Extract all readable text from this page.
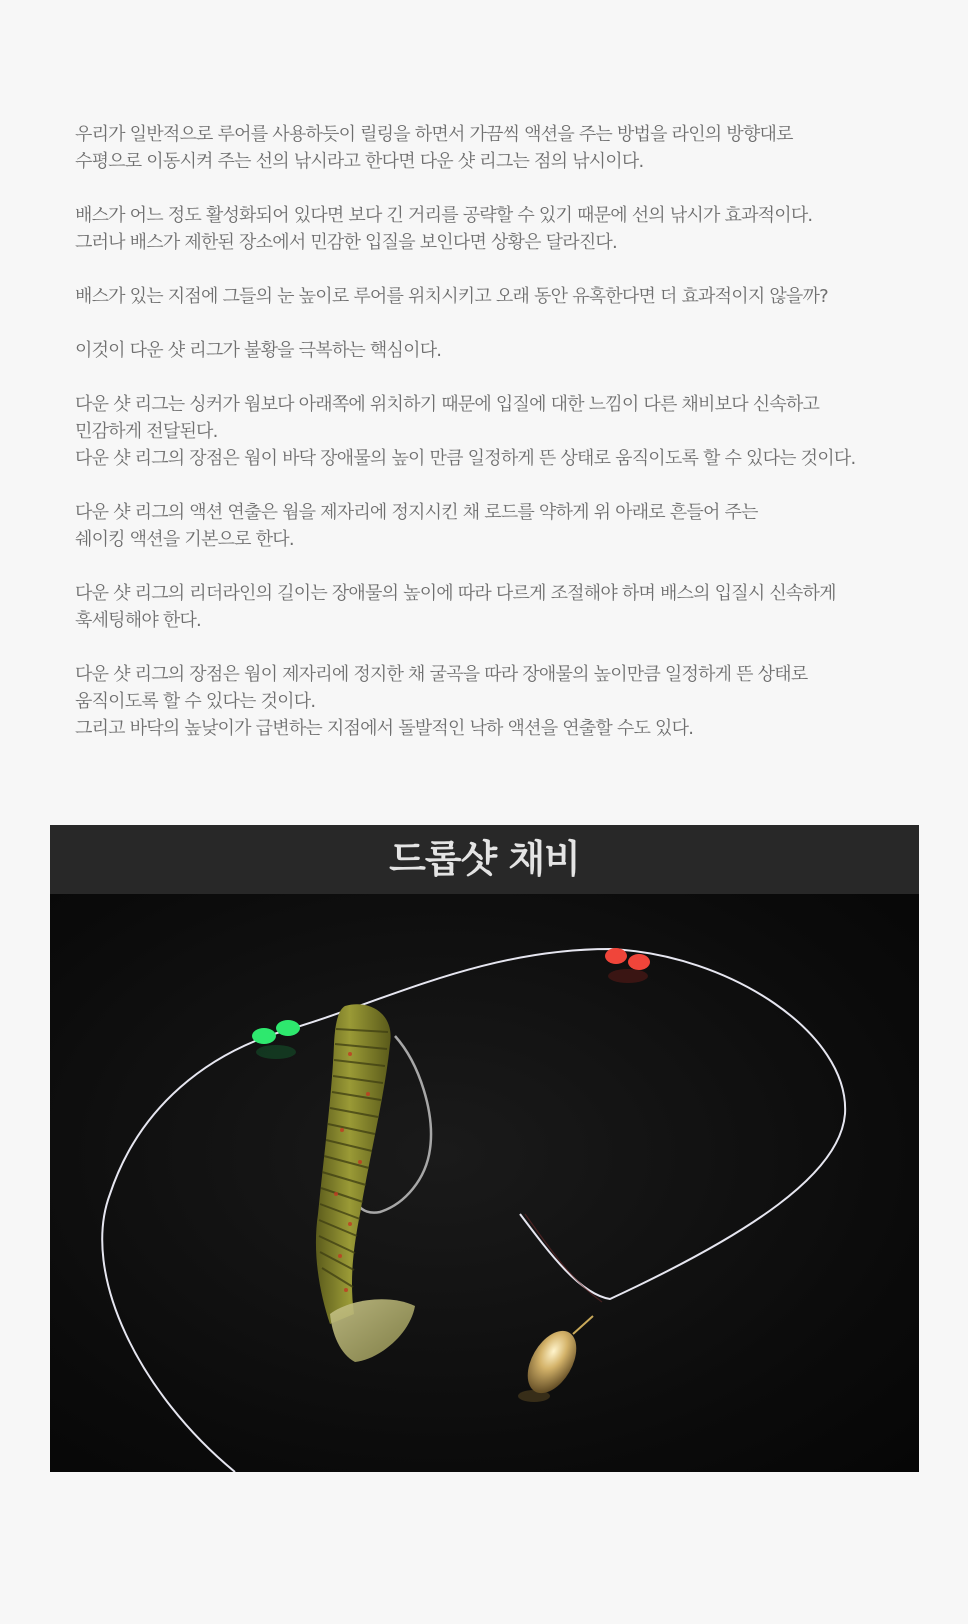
우리가 일반적으로 루어를 사용하듯이 릴링을 하면서 가끔씩 액션을 주는 방법을 라인의 방향대로
수평으로 이동시켜 주는 선의 낚시라고 한다면 다운 샷 리그는 점의 낚시이다.

배스가 어느 정도 활성화되어 있다면 보다 긴 거리를 공략할 수 있기 때문에 선의 낚시가 효과적이다.
그러나 배스가 제한된 장소에서 민감한 입질을 보인다면 상황은 달라진다.

배스가 있는 지점에 그들의 눈 높이로 루어를 위치시키고 오래 동안 유혹한다면 더 효과적이지 않을까?

이것이 다운 샷 리그가 불황을 극복하는 핵심이다.

다운 샷 리그는 싱커가 웜보다 아래쪽에 위치하기 때문에 입질에 대한 느낌이 다른 채비보다 신속하고
민감하게 전달된다.
다운 샷 리그의 장점은 웜이 바닥 장애물의 높이 만큼 일정하게 뜬 상태로 움직이도록 할 수 있다는 것이다.

다운 샷 리그의 액션 연출은 웜을 제자리에 정지시킨 채 로드를 약하게 위 아래로 흔들어 주는
쉐이킹 액션을 기본으로 한다.

다운 샷 리그의 리더라인의 길이는 장애물의 높이에 따라 다르게 조절해야 하며 배스의 입질시 신속하게
훅세팅해야 한다.

다운 샷 리그의 장점은 웜이 제자리에 정지한 채 굴곡을 따라 장애물의 높이만큼 일정하게 뜬 상태로
움직이도록 할 수 있다는 것이다.
그리고 바닥의 높낮이가 급변하는 지점에서 돌발적인 낙하 액션을 연출할 수도 있다.

드롭샷 채비
